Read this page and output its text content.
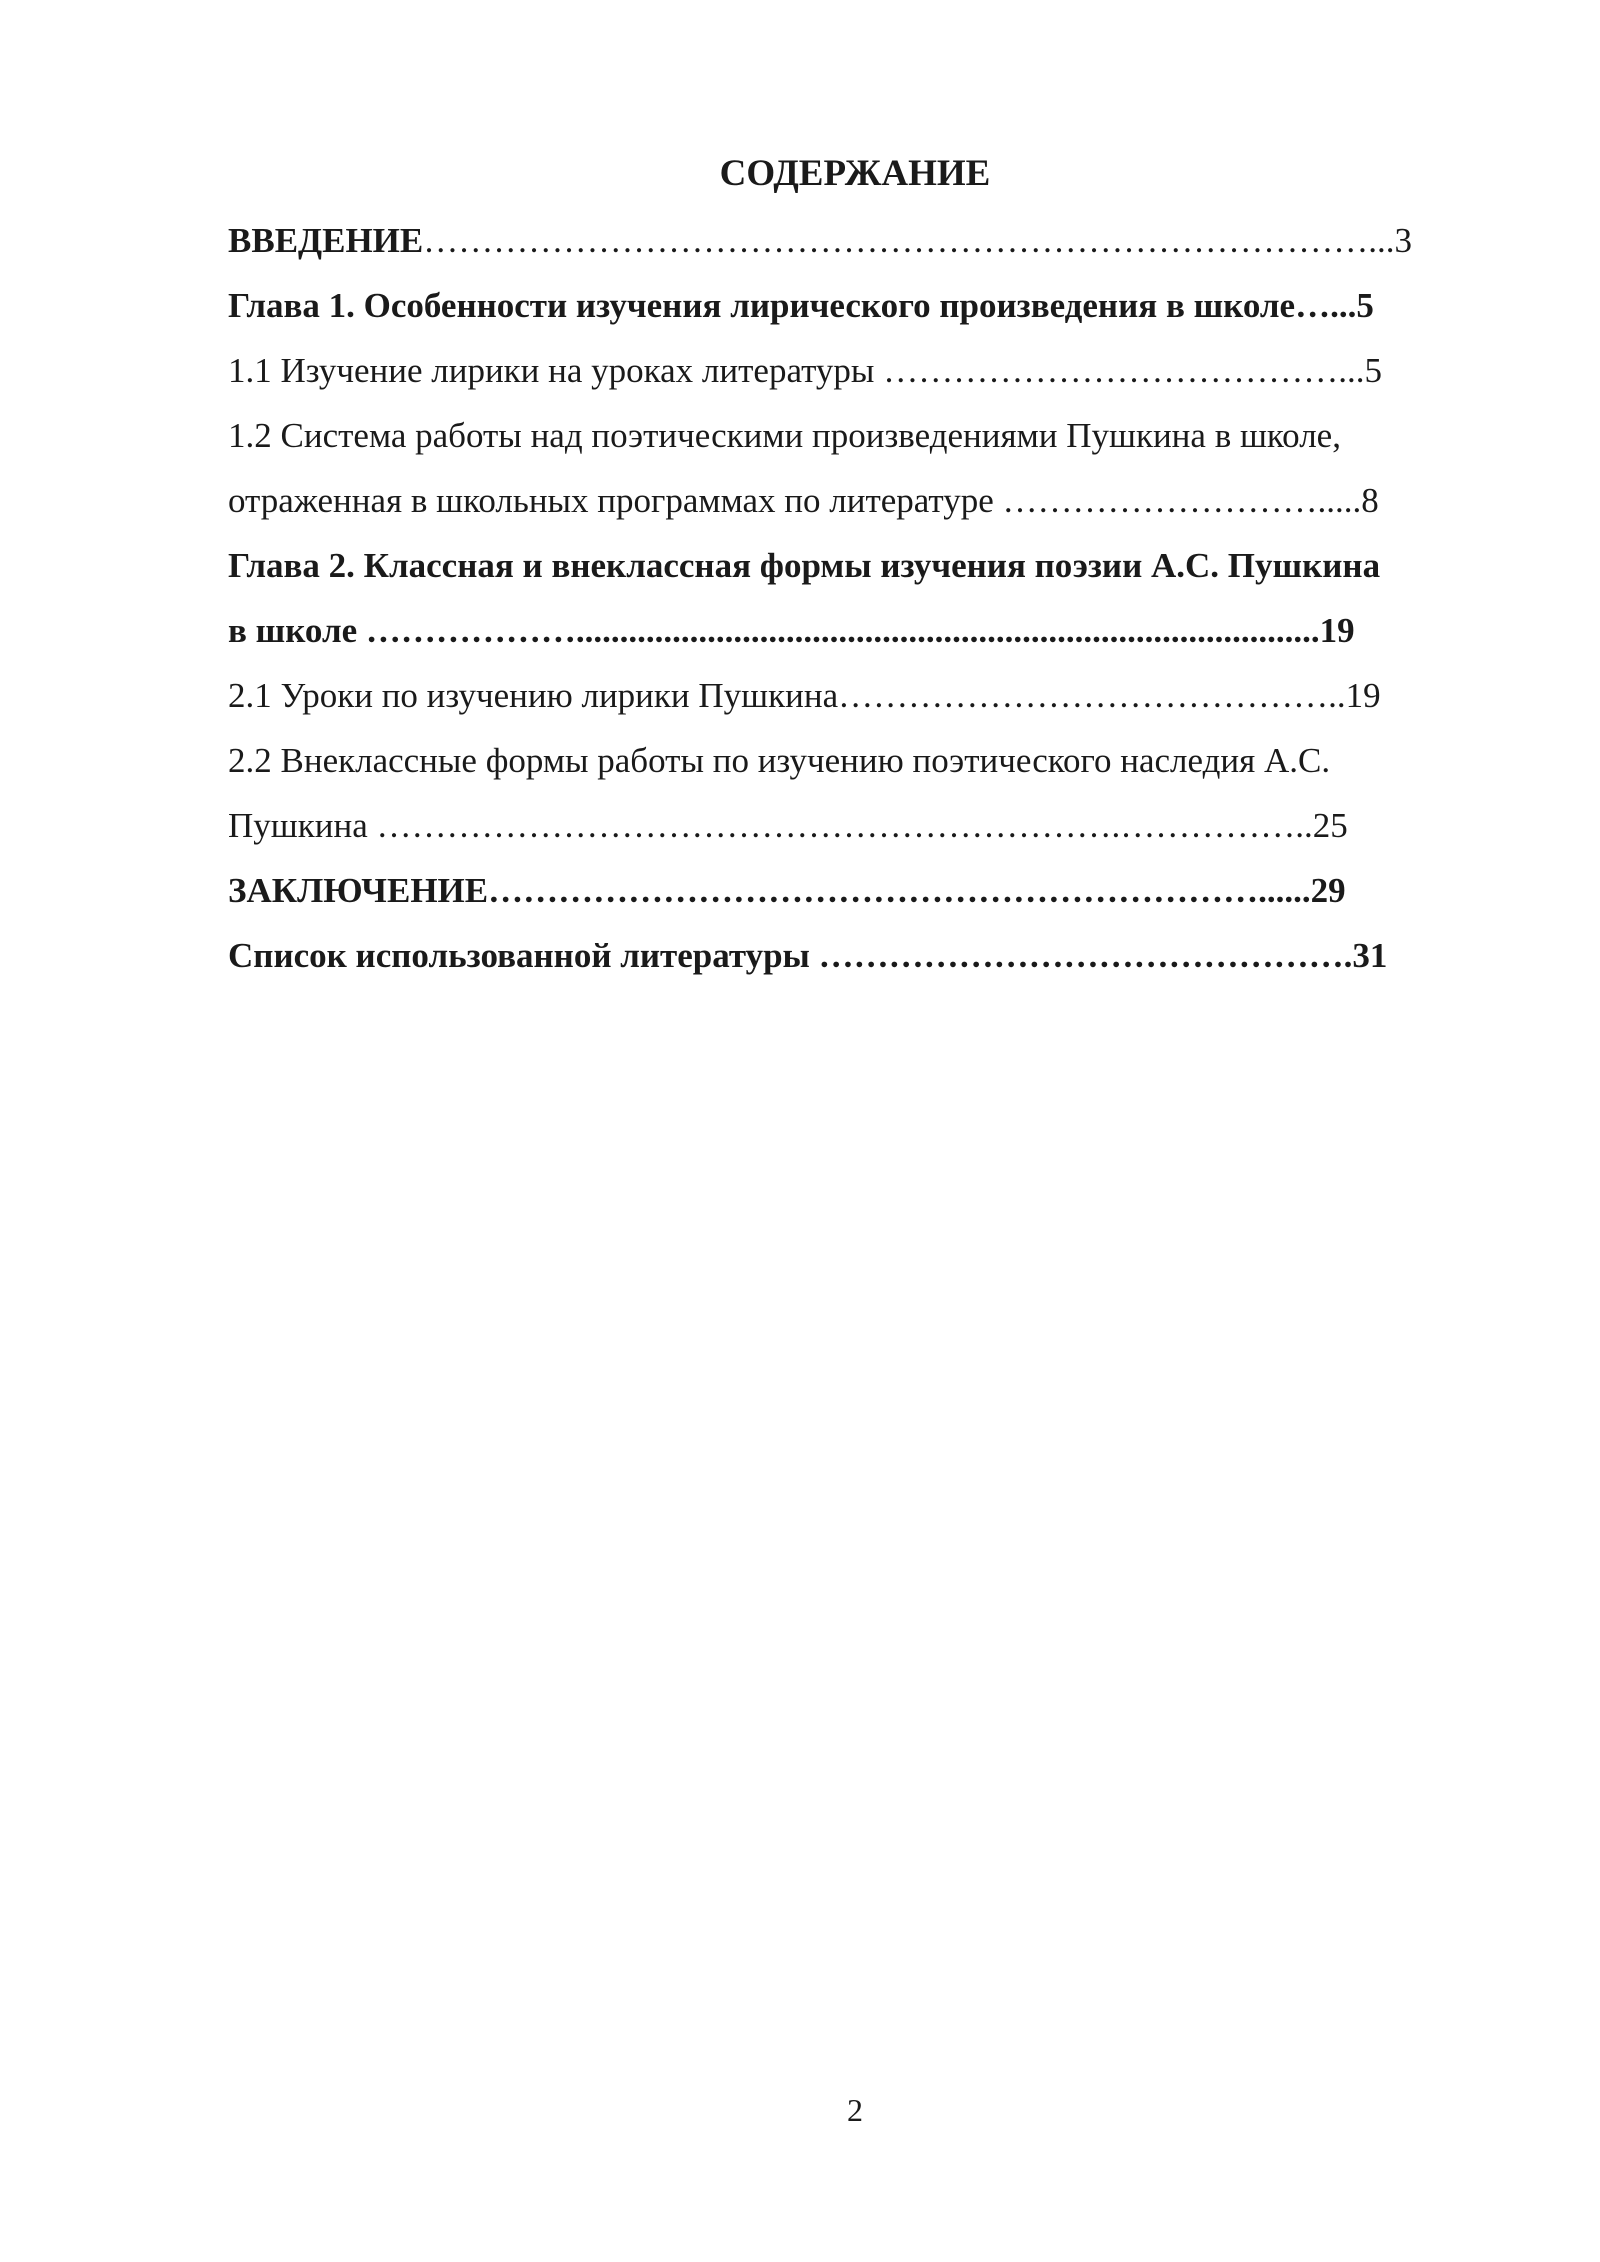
СОДЕРЖАНИЕ
ВВЕДЕНИЕ………………………………………………………………………...3
Глава 1. Особенности изучения лирического произведения в школе…...5
1.1 Изучение лирики на уроках литературы …………………………………...5
1.2 Система работы над поэтическими произведениями Пушкина в школе,
отраженная в школьных программах по литературе ……………………….....8
Глава 2. Классная и внеклассная формы изучения поэзии А.С. Пушкина
в школе ……………….....................................................................................19
2.1 Уроки по изучению лирики Пушкина……………………………………..19
2.2 Внеклассные формы работы по изучению поэтического наследия А.С.
Пушкина ……………………………………………………….……………..25
ЗАКЛЮЧЕНИЕ…………………………………………………………......29
Список использованной литературы ……………………………………….31
2
